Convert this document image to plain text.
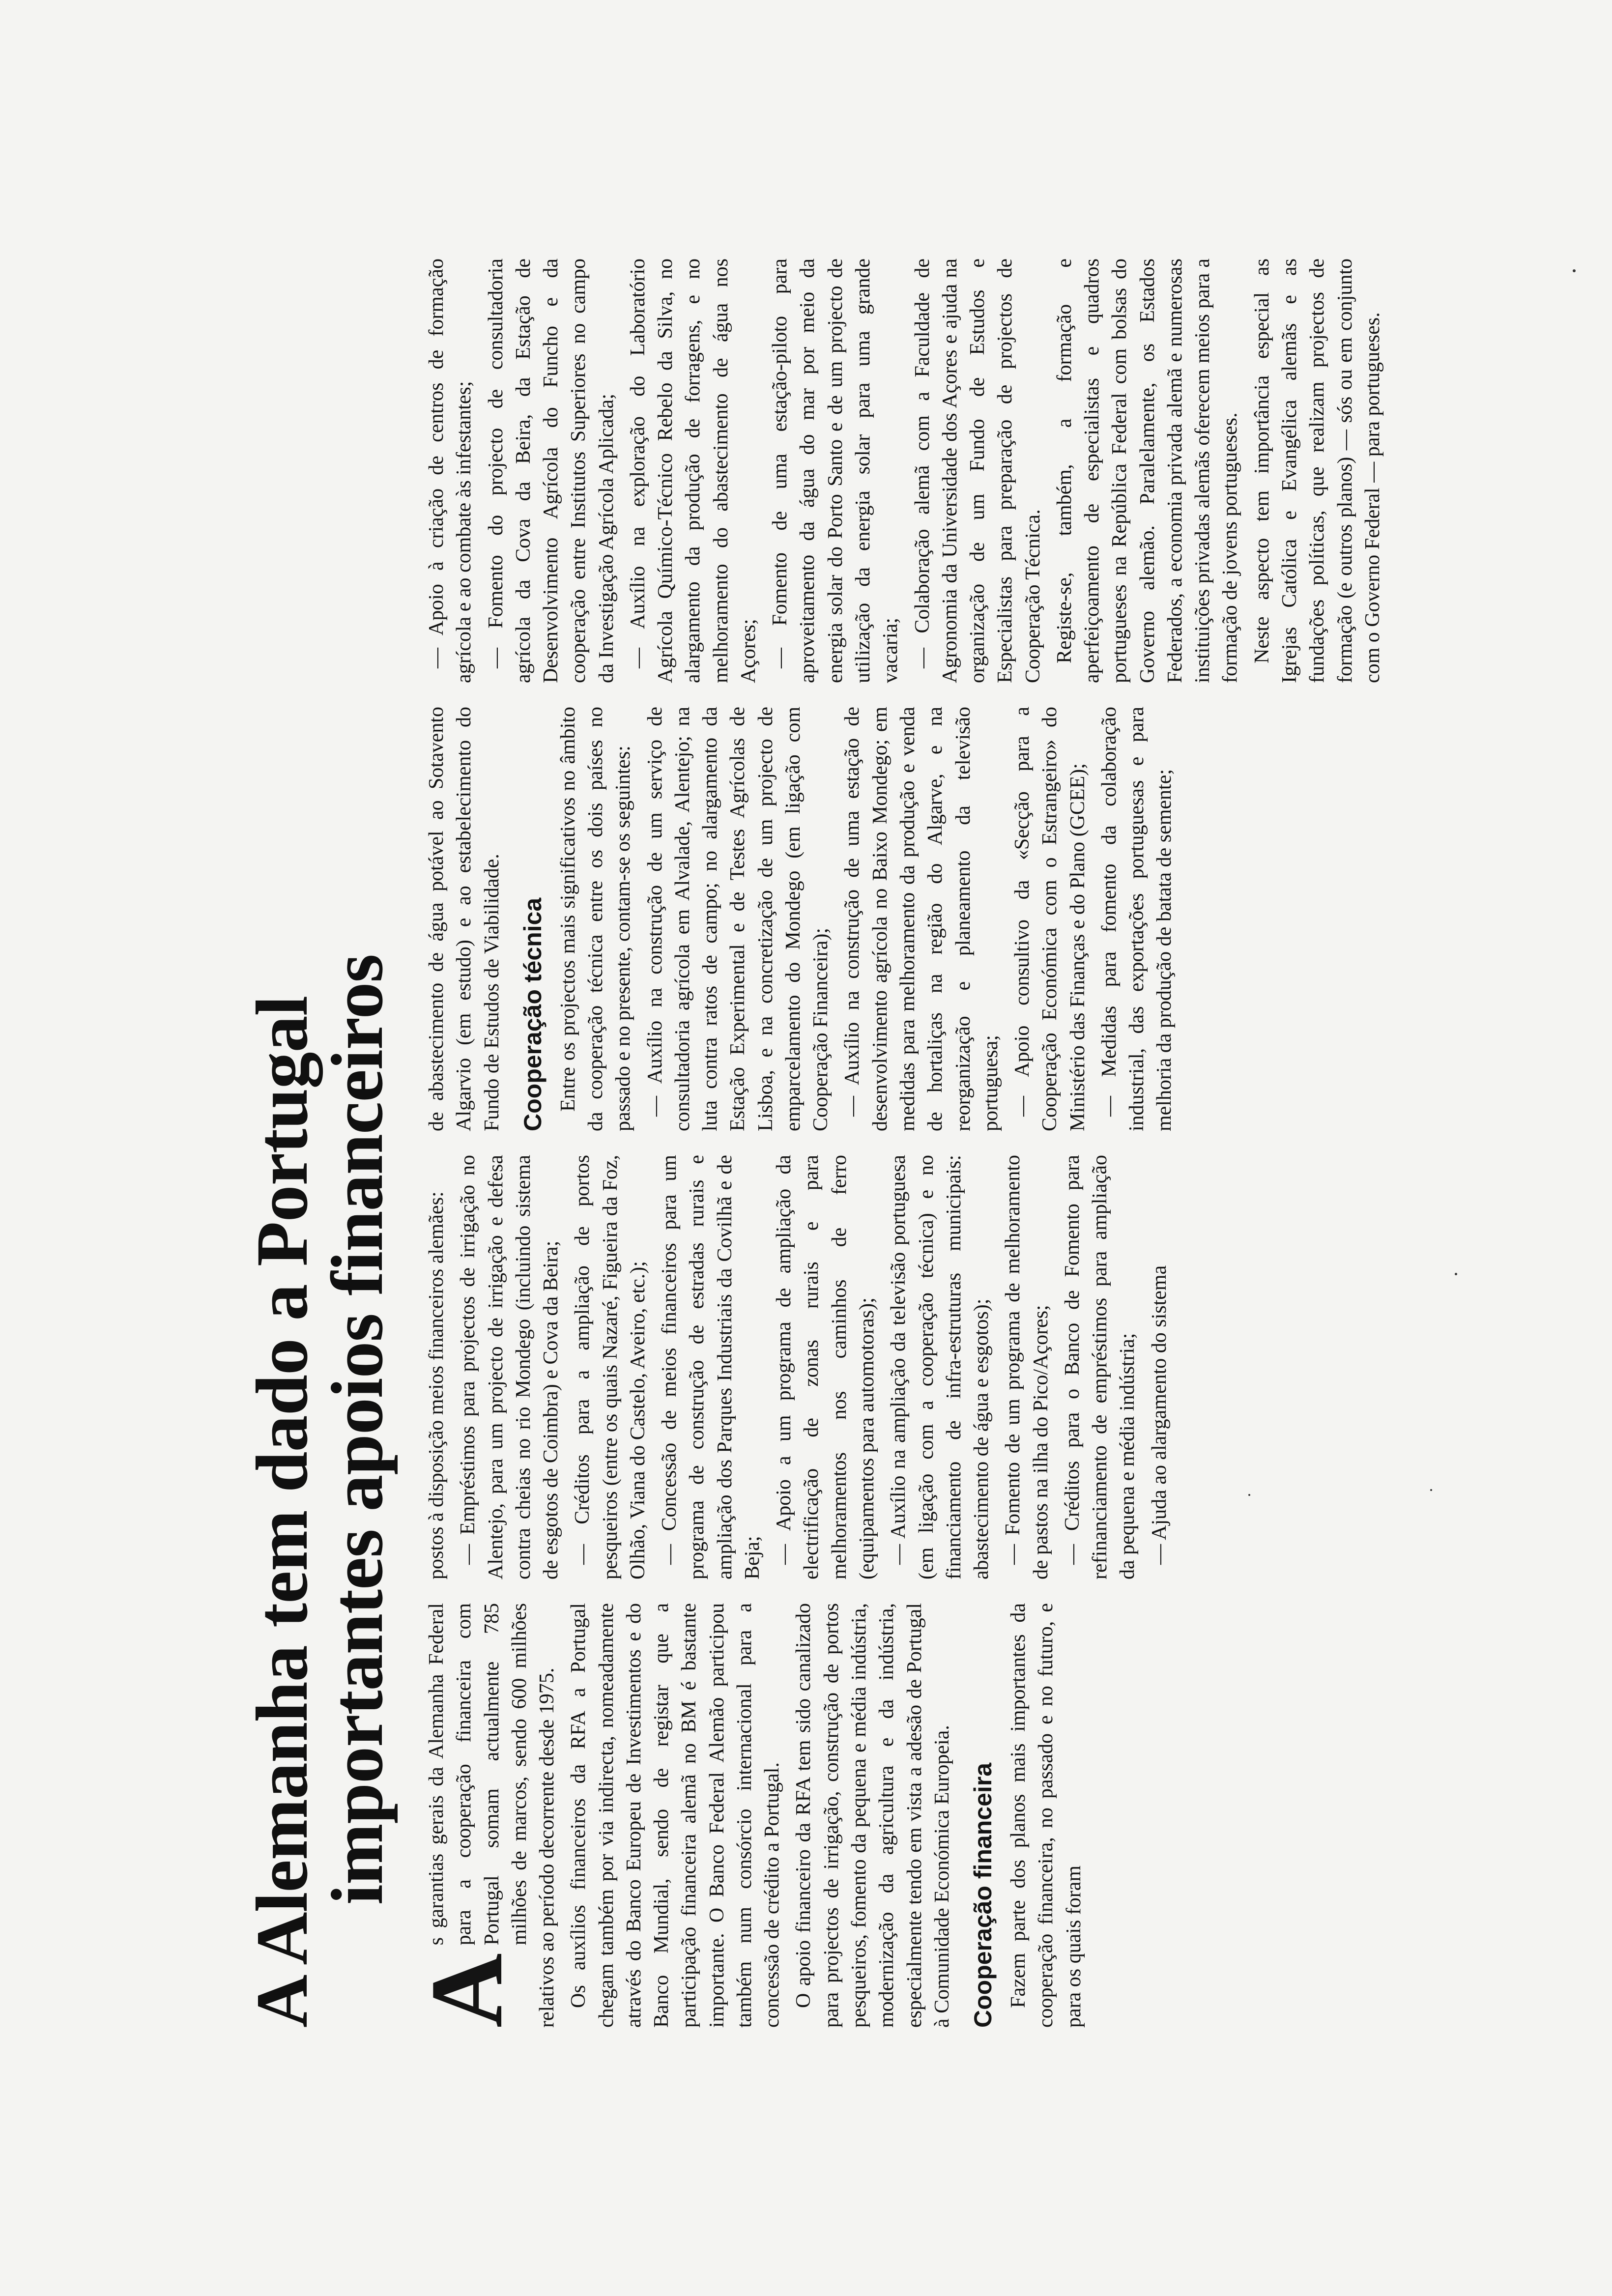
A Alemanha tem dado a Portugal
importantes apoios financeiros

A
s garantias gerais da Alemanha Federal para a cooperação financeira com Portugal somam actualmente 785 milhões de marcos, sendo 600 milhões relativos ao período decorrente desde 1975. Os auxílios financeiros da RFA a Portugal chegam também por via indirecta, nomeadamente através do Banco Europeu de Investimentos e do Banco Mundial, sendo de registar que a participação financeira alemã no BM é bastante importante. O Banco Federal Alemão participou também num consórcio internacional para a concessão de crédito a Portugal. O apoio financeiro da RFA tem sido canalizado para projectos de irrigação, construção de portos pesqueiros, fomento da pequena e média indústria, modernização da agricultura e da indústria, especialmente tendo em vista a adesão de Portugal à Comunidade Económica Europeia. Cooperação financeira Fazem parte dos planos mais importantes da cooperação financeira, no passado e no futuro, e para os quais foram

postos à disposição meios financeiros alemães: — Empréstimos para projectos de irrigação no Alentejo, para um projecto de irrigação e defesa contra cheias no rio Mondego (incluindo sistema de esgotos de Coimbra) e Cova da Beira; — Créditos para a ampliação de portos pesqueiros (entre os quais Nazaré, Figueira da Foz, Olhão, Viana do Castelo, Aveiro, etc.); — Concessão de meios financeiros para um programa de construção de estradas rurais e ampliação dos Parques Industriais da Covilhã e de Beja; — Apoio a um programa de ampliação da electrificação de zonas rurais e para melhoramentos nos caminhos de ferro (equipamentos para automotoras); — Auxílio na ampliação da televisão portuguesa (em ligação com a cooperação técnica) e no financiamento de infra-estruturas municipais: abastecimento de água e esgotos); — Fomento de um programa de melhoramento de pastos na ilha do Pico/Açores; — Créditos para o Banco de Fomento para refinanciamento de empréstimos para ampliação da pequena e média indústria; — Ajuda ao alargamento do sistema

de abastecimento de água potável ao Sotavento Algarvio (em estudo) e ao estabelecimento do Fundo de Estudos de Viabilidade. Cooperação técnica Entre os projectos mais significativos no âmbito da cooperação técnica entre os dois países no passado e no presente, contam-se os seguintes: — Auxílio na construção de um serviço de consultadoria agrícola em Alvalade, Alentejo; na luta contra ratos de campo; no alargamento da Estação Experimental e de Testes Agrícolas de Lisboa, e na concretização de um projecto de emparcelamento do Mondego (em ligação com Cooperação Financeira); — Auxílio na construção de uma estação de desenvolvimento agrícola no Baixo Mondego; em medidas para melhoramento da produção e venda de hortaliças na região do Algarve, e na reorganização e planeamento da televisão portuguesa; — Apoio consultivo da «Secção para a Cooperação Económica com o Estrangeiro» do Ministério das Finanças e do Plano (GCEE); — Medidas para fomento da colaboração industrial, das exportações portuguesas e para melhoria da produção de batata de semente;

— Apoio à criação de centros de formação agrícola e ao combate às infestantes; — Fomento do projecto de consultadoria agrícola da Cova da Beira, da Estação de Desenvolvimento Agrícola do Funcho e da cooperação entre Institutos Superiores no campo da Investigação Agrícola Aplicada; — Auxílio na exploração do Laboratório Agrícola Químico-Técnico Rebelo da Silva, no alargamento da produção de forragens, e no melhoramento do abastecimento de água nos Açores; — Fomento de uma estação-piloto para aproveitamento da água do mar por meio da energia solar do Porto Santo e de um projecto de utilização da energia solar para uma grande vacaria; — Colaboração alemã com a Faculdade de Agronomia da Universidade dos Açores e ajuda na organização de um Fundo de Estudos e Especialistas para preparação de projectos de Cooperação Técnica. Registe-se, também, a formação e aperfeiçoamento de especialistas e quadros portugueses na República Federal com bolsas do Governo alemão. Paralelamente, os Estados Federados, a economia privada alemã e numerosas instituições privadas alemãs oferecem meios para a formação de jovens portugueses. Neste aspecto tem importância especial as Igrejas Católica e Evangélica alemãs e as fundações políticas, que realizam projectos de formação (e outros planos) — sós ou em conjunto com o Governo Federal — para portugueses.
